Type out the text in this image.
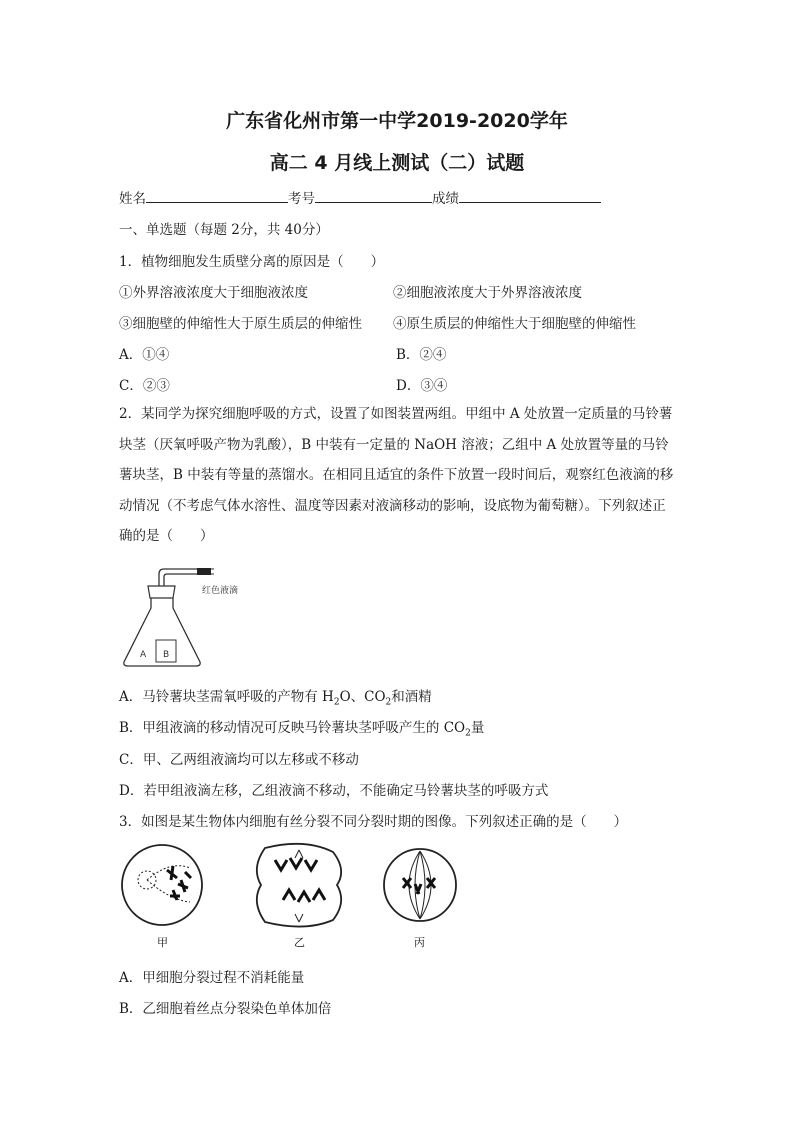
广东省化州市第一中学2019-2020学年
高二 4 月线上测试（二）试题
姓名	考号	成绩
一、单选题（每题 2分，共 40分）
1．植物细胞发生质壁分离的原因是（　　）
①外界溶液浓度大于细胞液浓度	②细胞液浓度大于外界溶液浓度
③细胞壁的伸缩性大于原生质层的伸缩性 ④原生质层的伸缩性大于细胞壁的伸缩性
A．①④	B．②④
C．②③	D．③④
2．某同学为探究细胞呼吸的方式，设置了如图装置两组。甲组中 A 处放置一定质量的马铃薯块茎（厌氧呼吸产物为乳酸），B 中装有一定量的 NaOH 溶液；乙组中 A 处放置等量的马铃薯块茎，B 中装有等量的蒸馏水。在相同且适宜的条件下放置一段时间后，观察红色液滴的移动情况（不考虑气体水溶性、温度等因素对液滴移动的影响，设底物为葡萄糖）。下列叙述正确的是（　　）
红色液滴
A B
A．马铃薯块茎需氧呼吸的产物有 $H_2O$、$CO_2$和酒精
B．甲组液滴的移动情况可反映马铃薯块茎呼吸产生的 $CO_2$量
C．甲、乙两组液滴均可以左移或不移动
D．若甲组液滴左移，乙组液滴不移动，不能确定马铃薯块茎的呼吸方式
3．如图是某生物体内细胞有丝分裂不同分裂时期的图像。下列叙述正确的是（　　）
甲	乙	丙
A．甲细胞分裂过程不消耗能量
B．乙细胞着丝点分裂染色单体加倍
